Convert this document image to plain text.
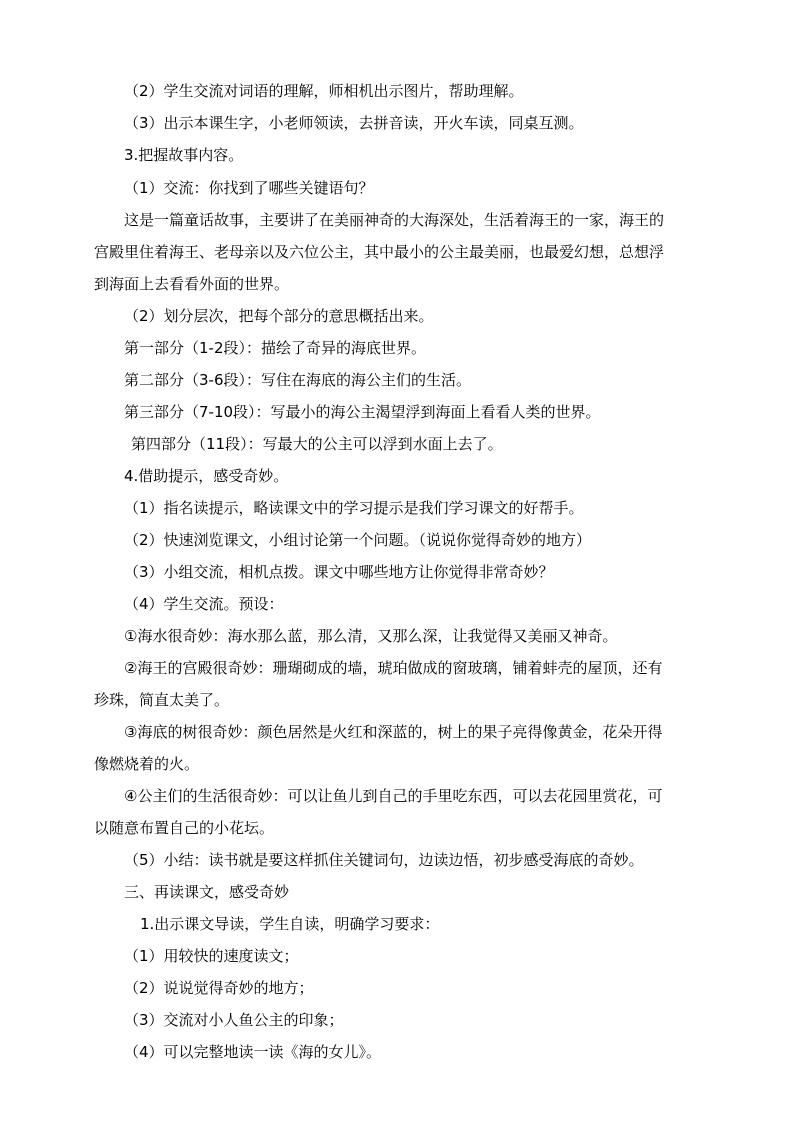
（2）学生交流对词语的理解，师相机出示图片，帮助理解。
（3）出示本课生字，小老师领读，去拼音读，开火车读，同桌互测。
3.把握故事内容。
（1）交流：你找到了哪些关键语句？
这是一篇童话故事，主要讲了在美丽神奇的大海深处，生活着海王的一家，海王的
宫殿里住着海王、老母亲以及六位公主，其中最小的公主最美丽，也最爱幻想，总想浮
到海面上去看看外面的世界。
（2）划分层次，把每个部分的意思概括出来。
第一部分（1-2段）：描绘了奇异的海底世界。
第二部分（3-6段）：写住在海底的海公主们的生活。
第三部分（7-10段）：写最小的海公主渴望浮到海面上看看人类的世界。
第四部分（11段）：写最大的公主可以浮到水面上去了。
4.借助提示，感受奇妙。
（1）指名读提示，略读课文中的学习提示是我们学习课文的好帮手。
（2）快速浏览课文，小组讨论第一个问题。（说说你觉得奇妙的地方）
（3）小组交流，相机点拨。课文中哪些地方让你觉得非常奇妙？
（4）学生交流。预设：
①海水很奇妙：海水那么蓝，那么清，又那么深，让我觉得又美丽又神奇。
②海王的宫殿很奇妙：珊瑚砌成的墙，琥珀做成的窗玻璃，铺着蚌壳的屋顶，还有
珍珠，简直太美了。
③海底的树很奇妙：颜色居然是火红和深蓝的，树上的果子亮得像黄金，花朵开得
像燃烧着的火。
④公主们的生活很奇妙：可以让鱼儿到自己的手里吃东西，可以去花园里赏花，可
以随意布置自己的小花坛。
（5）小结：读书就是要这样抓住关键词句，边读边悟，初步感受海底的奇妙。
三、再读课文，感受奇妙
1.出示课文导读，学生自读，明确学习要求：
（1）用较快的速度读文；
（2）说说觉得奇妙的地方；
（3）交流对小人鱼公主的印象；
（4）可以完整地读一读《海的女儿》。
